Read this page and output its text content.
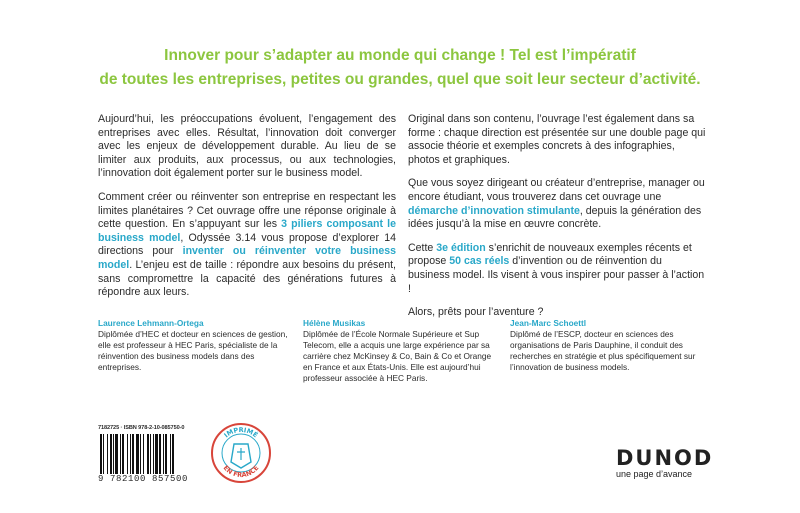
Innover pour s’adapter au monde qui change ! Tel est l’impératif
de toutes les entreprises, petites ou grandes, quel que soit leur secteur d’activité.

Aujourd’hui, les préoccupations évoluent, l’engagement des entreprises avec elles. Résultat, l’innovation doit converger avec les enjeux de développement durable. Au lieu de se limiter aux produits, aux processus, ou aux technologies, l’innovation doit également porter sur le business model.

Comment créer ou réinventer son entreprise en respectant les limites planétaires ? Cet ouvrage offre une réponse originale à cette question. En s’appuyant sur les 3 piliers composant le business model, Odyssée 3.14 vous propose d’explorer 14 directions pour inventer ou réinventer votre business model. L’enjeu est de taille : répondre aux besoins du présent, sans compromettre la capacité des générations futures à répondre aux leurs.

Original dans son contenu, l’ouvrage l’est également dans sa forme : chaque direction est présentée sur une double page qui associe théorie et exemples concrets à des infographies, photos et graphiques.

Que vous soyez dirigeant ou créateur d’entreprise, manager ou encore étudiant, vous trouverez dans cet ouvrage une démarche d’innovation stimulante, depuis la génération des idées jusqu’à la mise en œuvre concrète.

Cette 3e édition s’enrichit de nouveaux exemples récents et propose 50 cas réels d’invention ou de réinvention du business model. Ils visent à vous inspirer pour passer à l’action !

Alors, prêts pour l’aventure ?

Laurence Lehmann-Ortega
Diplômée d’HEC et docteur en sciences de gestion, elle est professeur à HEC Paris, spécialiste de la réinvention des business models dans des entreprises.
Hélène Musikas
Diplômée de l’École Normale Supérieure et Sup Telecom, elle a acquis une large expérience par sa carrière chez McKinsey & Co, Bain & Co et Orange en France et aux États-Unis. Elle est aujourd’hui professeur associée à HEC Paris.
Jean-Marc Schoettl
Diplômé de l’ESCP, docteur en sciences des organisations de Paris Dauphine, il conduit des recherches en stratégie et plus spécifiquement sur l’innovation de business models.
7182725 · ISBN 978-2-10-085750-0
9 782100 857500
IMPRIMÉ
EN FRANCE	DUNOD
une page d’avance
